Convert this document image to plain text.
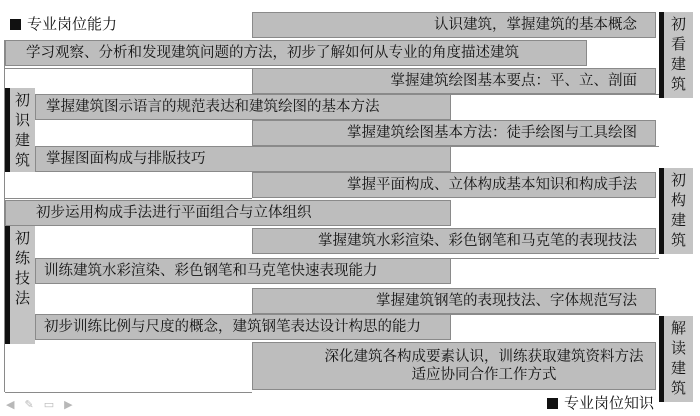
专业岗位能力	初
看
建
筑
初
构
建
筑
解
读
建
筑
初
识
建
筑
初
练
技
法
认识建筑，掌握建筑的基本概念
掌握建筑绘图基本要点：平、立、剖面
掌握建筑绘图基本方法：徒手绘图与工具绘图
掌握平面构成、立体构成基本知识和构成手法
掌握建筑水彩渲染、彩色钢笔和马克笔的表现技法
掌握建筑钢笔的表现技法、字体规范写法
深化建筑各构成要素认识，训练获取建筑资料方法
适应协同合作工作方式
学习观察、分析和发现建筑问题的方法，初步了解如何从专业的角度描述建筑
掌握建筑图示语言的规范表达和建筑绘图的基本方法
掌握图面构成与排版技巧
初步运用构成手法进行平面组合与立体组织
训练建筑水彩渲染、彩色钢笔和马克笔快速表现能力
初步训练比例与尺度的概念，建筑钢笔表达设计构思的能力
专业岗位知识
◀ ✎ ▭ ▶
